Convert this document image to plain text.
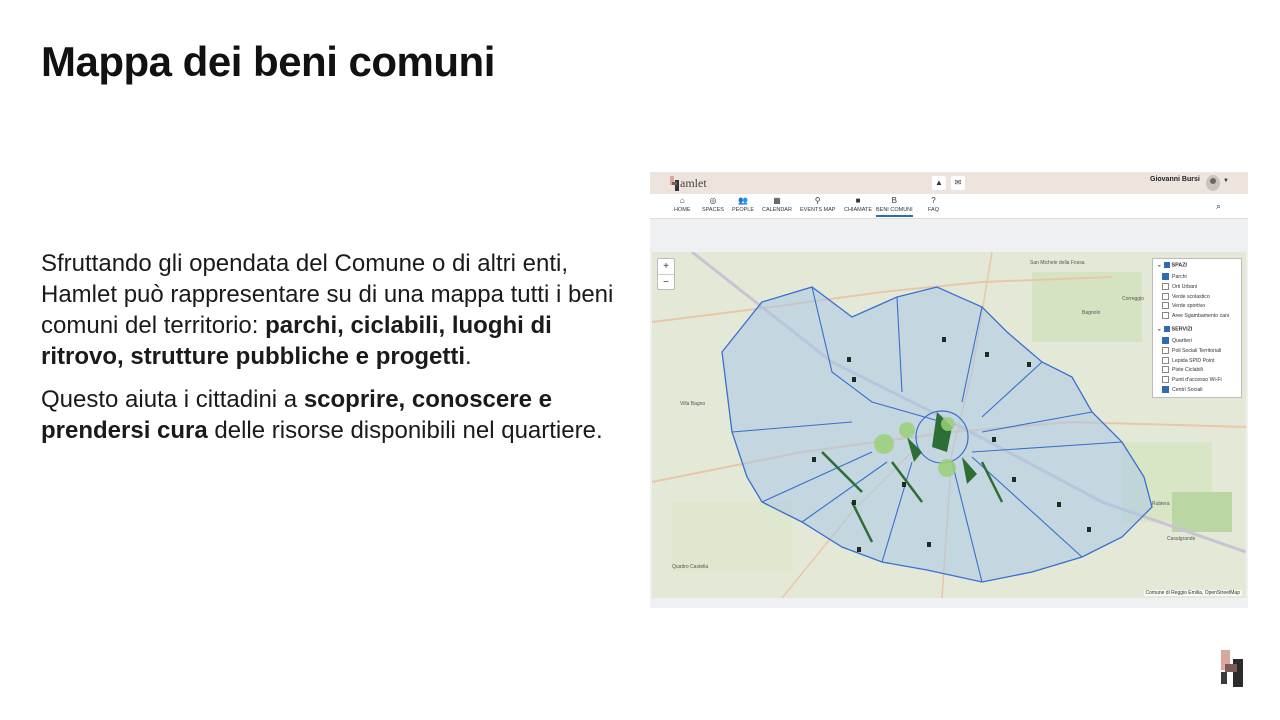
Mappa dei beni comuni

Sfruttando gli opendata del Comune o di altri enti, Hamlet può rappresentare su di una mappa tutti i beni comuni del territorio: parchi, ciclabili, luoghi di ritrovo, strutture pubbliche e progetti.

Questo aiuta i cittadini a scoprire, conoscere e prendersi cura delle risorse disponibili nel quartiere.

amlet	▲	✉	Giovanni Bursi	▼
⌂
HOME
◎
SPACES
👥
PEOPLE
▦
CALENDAR
⚲
EVENTS MAP
■
CHIAMATE
B
BENI COMUNI
?
FAQ	⌕
Correggio
Rubiera
Casalgrande
Quattro Castella
San Michele della Fossa
Bagnolo
Villa Bagno
+
−
⌄ SPAZI
Parchi
Orti Urbani
Verde scolastico
Verde sportivo
Aree Sgambamento cani
⌄ SERVIZI
Quartieri
Poli Sociali Territoriali
Lepida SPID Point
Piste Ciclabili
Punti d'accesso Wi-Fi
Centri Sociali
Comune di Reggio Emilia, OpenStreetMap
